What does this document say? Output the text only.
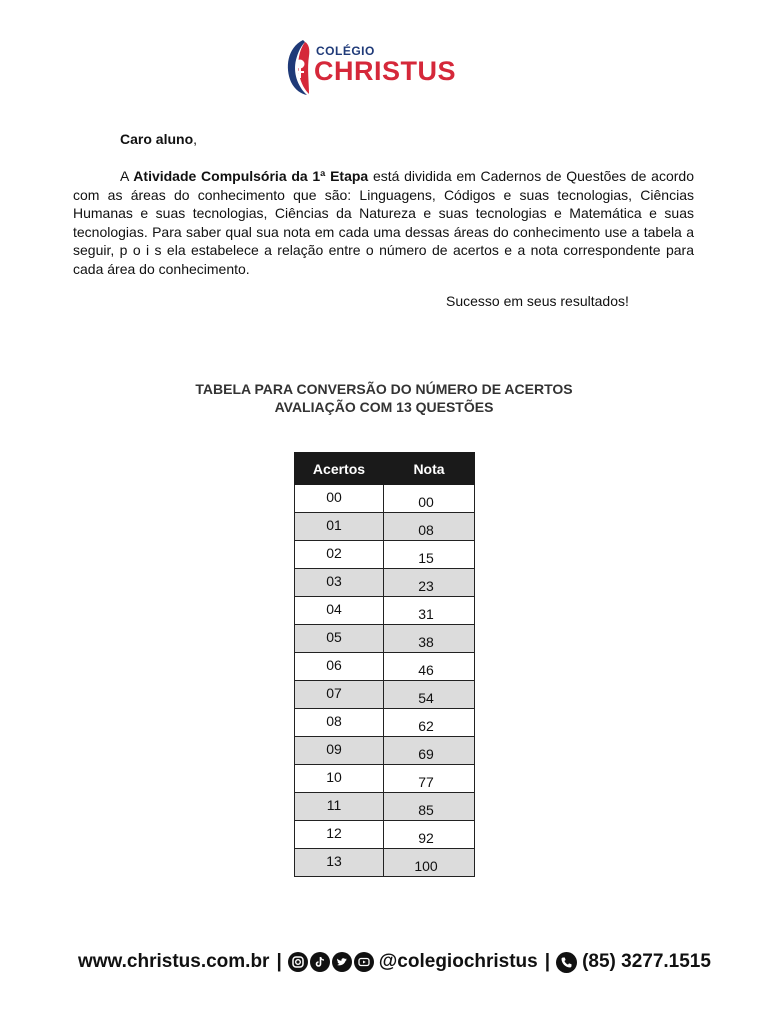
COLÉGIO
CHRISTUS
Caro aluno,
A Atividade Compulsória da 1ª Etapa está dividida em Cadernos de Questões de acordo com as áreas do conhecimento que são: Linguagens, Códigos e suas tecnologias, Ciências Humanas e suas tecnologias, Ciências da Natureza e suas tecnologias e Matemática e suas tecnologias. Para saber qual sua nota em cada uma dessas áreas do conhecimento use a tabela a seguir, p o i s ela estabelece a relação entre o número de acertos e a nota correspondente para cada área do conhecimento.
Sucesso em seus resultados!
TABELA PARA CONVERSÃO DO NÚMERO DE ACERTOS
AVALIAÇÃO COM 13 QUESTÕES
Acertos	Nota
00	00
01	08
02	15
03	23
04	31
05	38
06	46
07	54
08	62
09	69
10	77
11	85
12	92
13	100
www.christus.com.br |	@colegiochristus | (85) 3277.1515
